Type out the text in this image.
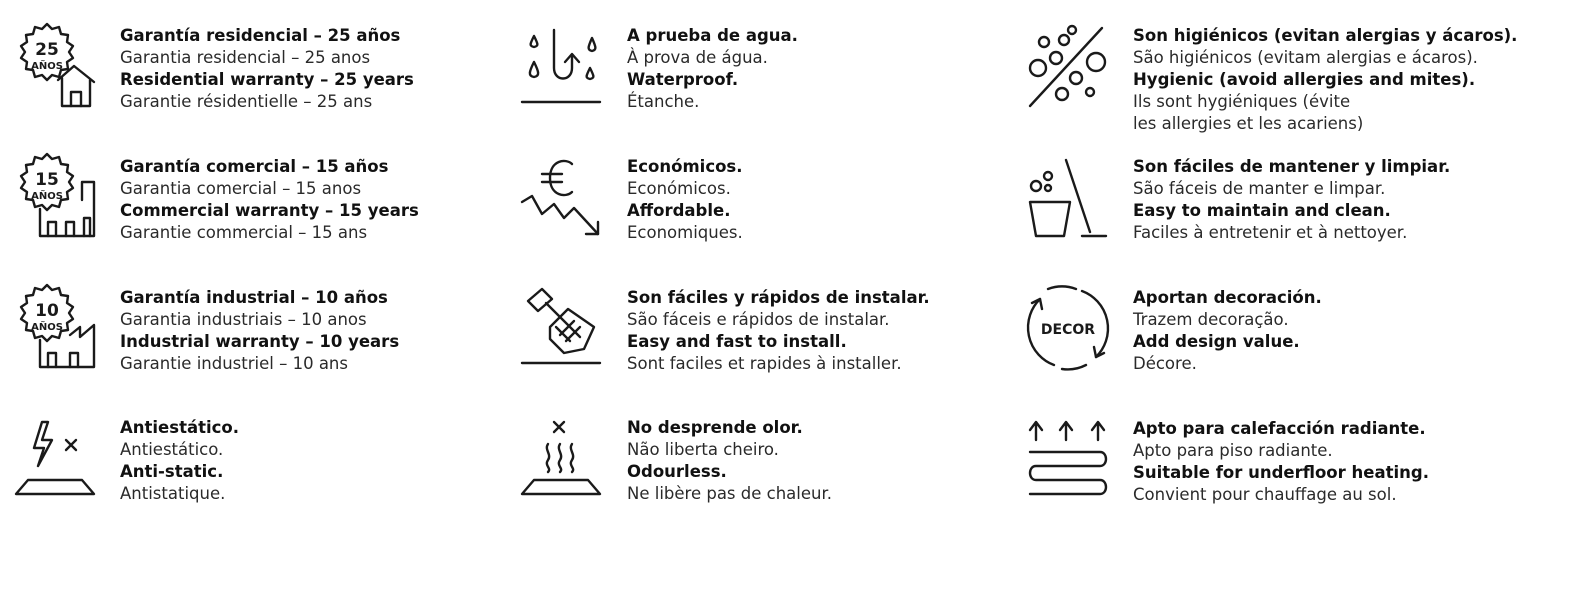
25
AÑOS
Garantía residencial – 25 años
Garantia residencial – 25 anos
Residential warranty – 25 years
Garantie résidentielle – 25 ans
15
AÑOS
Garantía comercial – 15 años
Garantia comercial – 15 anos
Commercial warranty – 15 years
Garantie commercial – 15 ans
10
AÑOS
Garantía industrial – 10 años
Garantia industriais – 10 anos
Industrial warranty – 10 years
Garantie industriel – 10 ans
Antiestático.
Antiestático.
Anti-static.
Antistatique.
A prueba de agua.
À prova de água.
Waterproof.
Étanche.
Económicos.
Económicos.
Affordable.
Economiques.
Son fáciles y rápidos de instalar.
São fáceis e rápidos de instalar.
Easy and fast to install.
Sont faciles et rapides à installer.
No desprende olor.
Não liberta cheiro.
Odourless.
Ne libère pas de chaleur.
Son higiénicos (evitan alergias y ácaros).
São higiénicos (evitam alergias e ácaros).
Hygienic (avoid allergies and mites).
Ils sont hygiéniques (évite
les allergies et les acariens)
Son fáciles de mantener y limpiar.
São fáceis de manter e limpar.
Easy to maintain and clean.
Faciles à entretenir et à nettoyer.
DECOR
Aportan decoración.
Trazem decoração.
Add design value.
Décore.
Apto para calefacción radiante.
Apto para piso radiante.
Suitable for underfloor heating.
Convient pour chauffage au sol.
